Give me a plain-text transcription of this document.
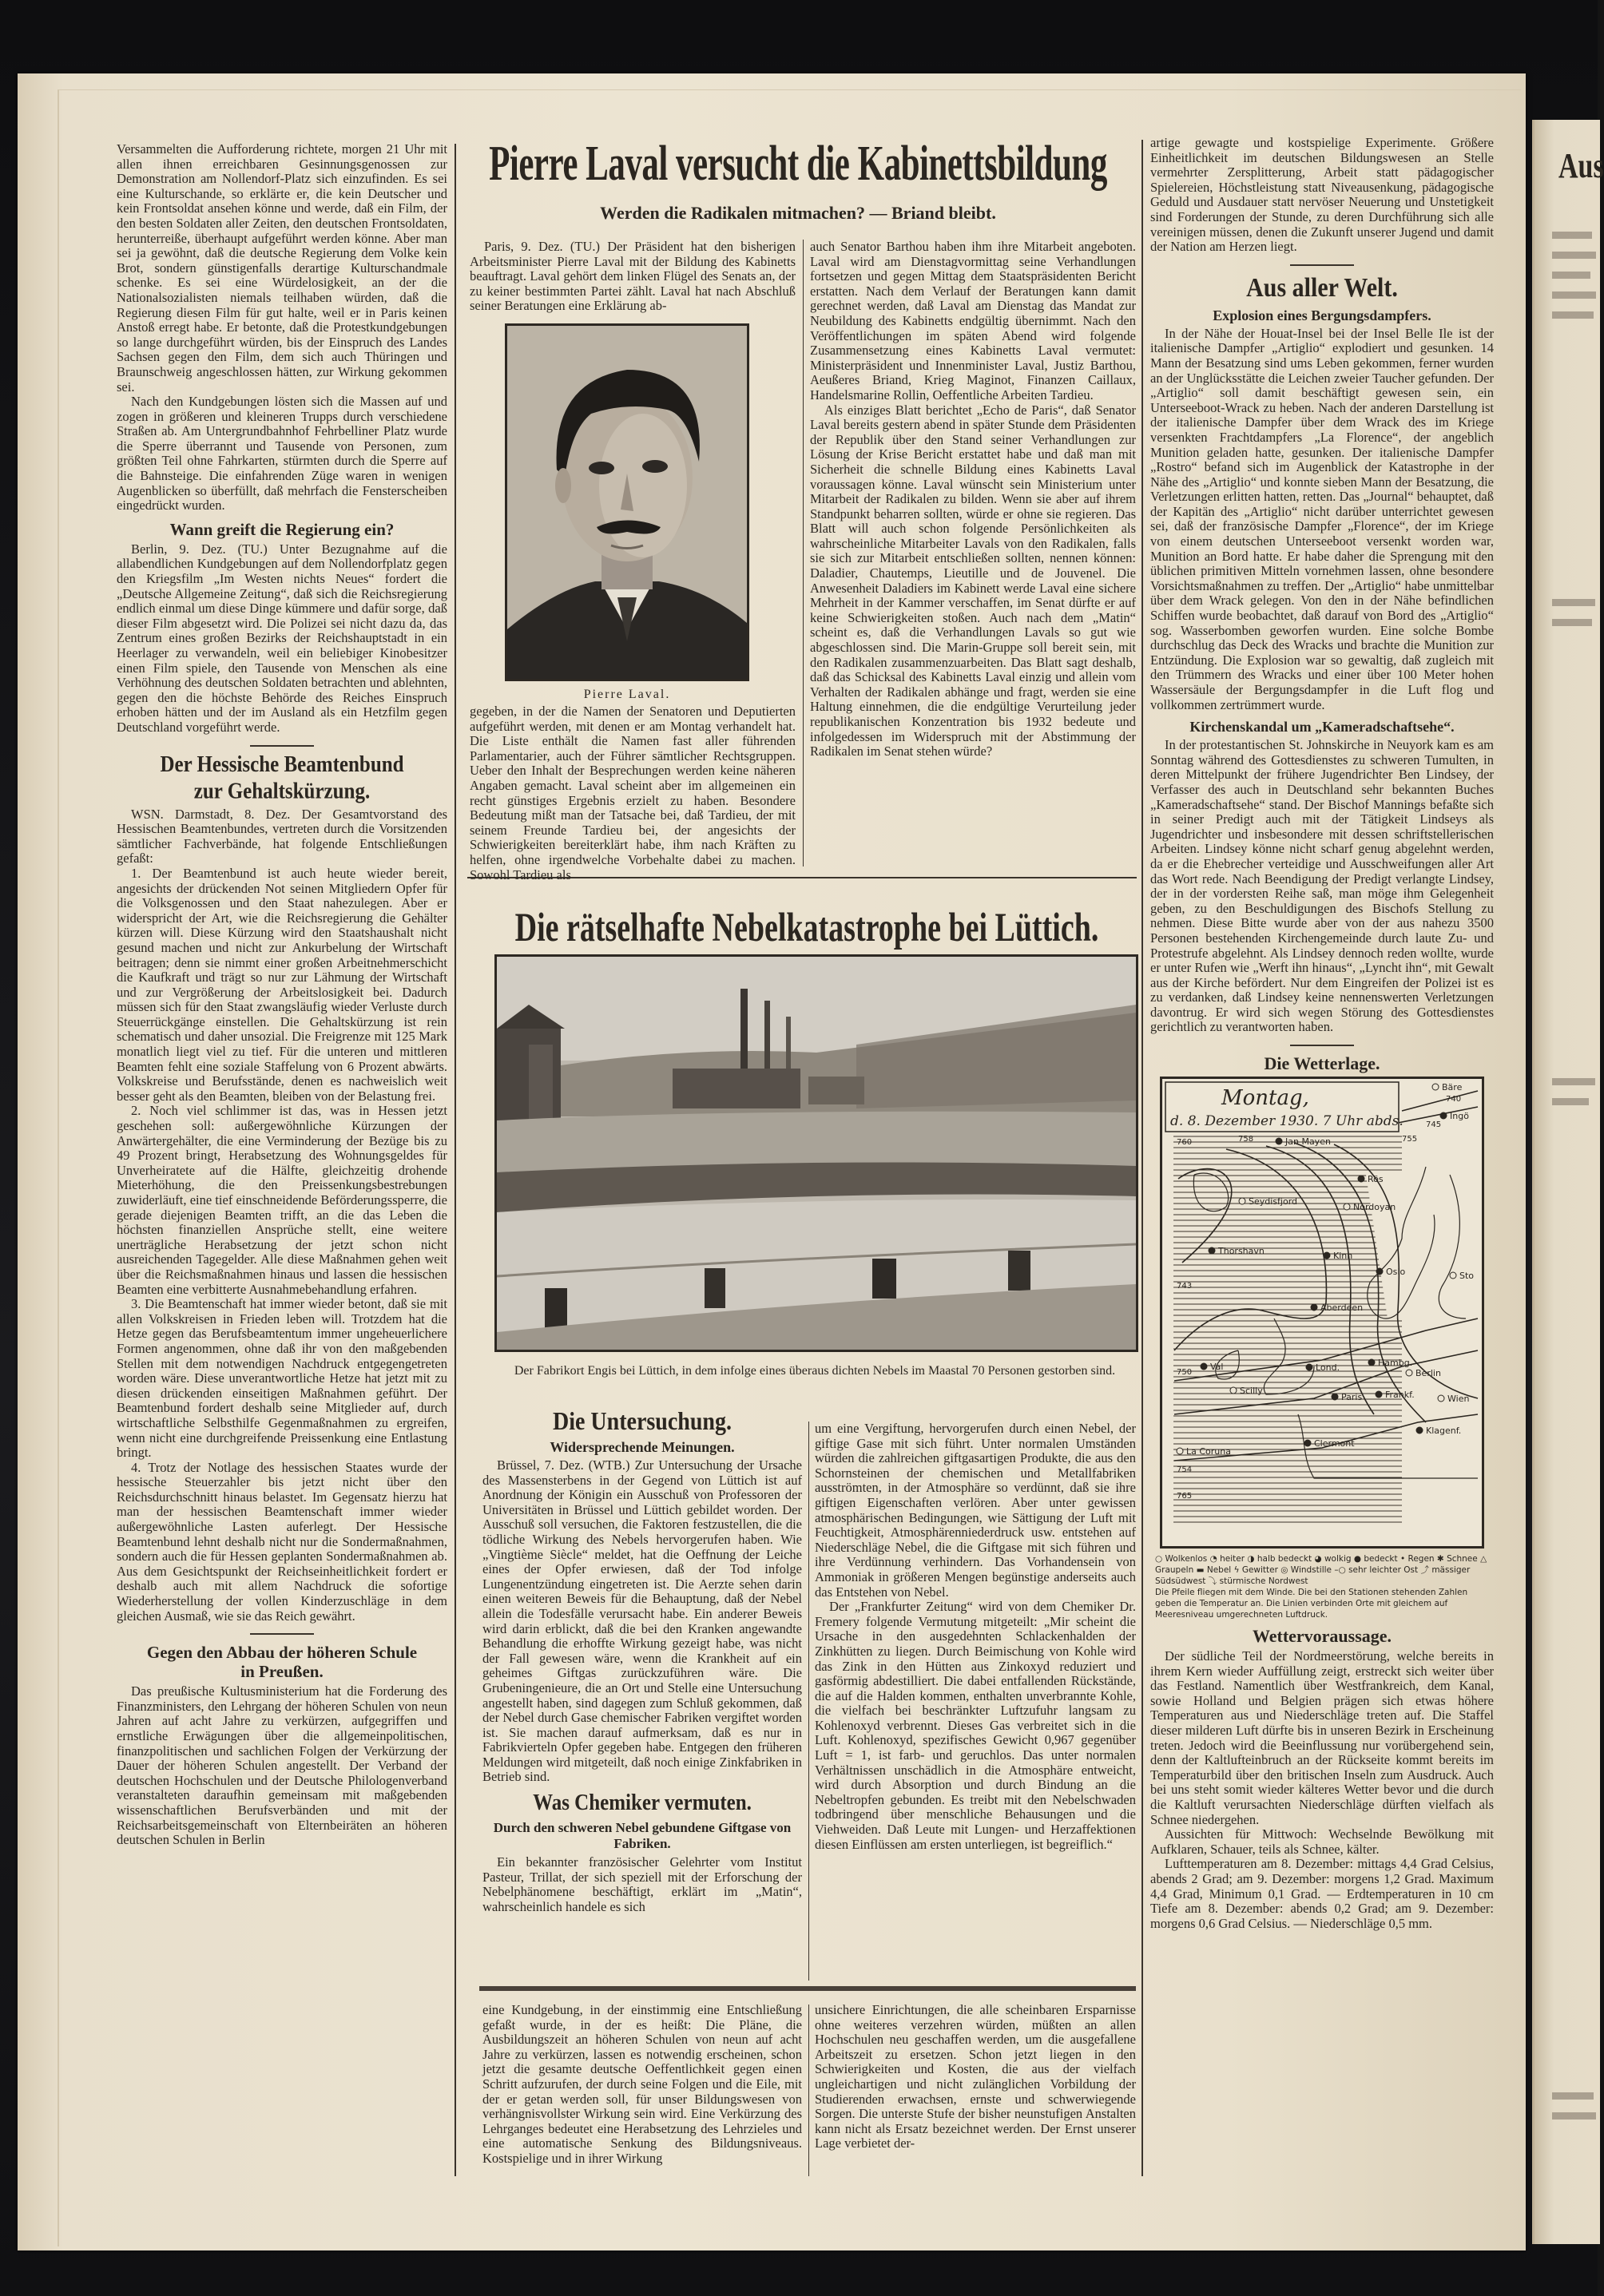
Aus

Versammelten die Aufforderung richtete, morgen 21 Uhr mit allen ihnen erreichbaren Gesinnungsgenossen zur Demonstration am Nollendorf-Platz sich einzufinden. Es sei eine Kulturschande, so erklärte er, die kein Deutscher und kein Frontsoldat ansehen könne und werde, daß ein Film, der den besten Soldaten aller Zeiten, den deutschen Frontsoldaten, herunterreiße, überhaupt aufgeführt werden könne. Aber man sei ja gewöhnt, daß die deutsche Regierung dem Volke kein Brot, sondern günstigenfalls derartige Kulturschandmale schenke. Es sei eine Würdelosigkeit, an der die Nationalsozialisten niemals teilhaben würden, daß die Regierung diesen Film für gut halte, weil er in Paris keinen Anstoß erregt habe. Er betonte, daß die Protestkundgebungen so lange durchgeführt würden, bis der Einspruch des Landes Sachsen gegen den Film, dem sich auch Thüringen und Braunschweig angeschlossen hätten, zur Wirkung gekommen sei.

Nach den Kundgebungen lösten sich die Massen auf und zogen in größeren und kleineren Trupps durch verschiedene Straßen ab. Am Untergrundbahnhof Fehrbelliner Platz wurde die Sperre überrannt und Tausende von Personen, zum größten Teil ohne Fahrkarten, stürmten durch die Sperre auf die Bahnsteige. Die einfahrenden Züge waren in wenigen Augenblicken so überfüllt, daß mehrfach die Fensterscheiben eingedrückt wurden.

Wann greift die Regierung ein?

Berlin, 9. Dez. (TU.) Unter Bezugnahme auf die allabendlichen Kundgebungen auf dem Nollendorfplatz gegen den Kriegsfilm „Im Westen nichts Neues“ fordert die „Deutsche Allgemeine Zeitung“, daß sich die Reichsregierung endlich einmal um diese Dinge kümmere und dafür sorge, daß dieser Film abgesetzt wird. Die Polizei sei nicht dazu da, das Zentrum eines großen Bezirks der Reichshauptstadt in ein Heerlager zu verwandeln, weil ein beliebiger Kinobesitzer einen Film spiele, den Tausende von Menschen als eine Verhöhnung des deutschen Soldaten betrachten und ablehnten, gegen den die höchste Behörde des Reiches Einspruch erhoben hätten und der im Ausland als ein Hetzfilm gegen Deutschland vorgeführt werde.

Der Hessische Beamtenbund
zur Gehaltskürzung.

WSN. Darmstadt, 8. Dez. Der Gesamtvorstand des Hessischen Beamtenbundes, vertreten durch die Vorsitzenden sämtlicher Fachverbände, hat folgende Entschließungen gefaßt:

1. Der Beamtenbund ist auch heute wieder bereit, angesichts der drückenden Not seinen Mitgliedern Opfer für die Volksgenossen und den Staat nahezulegen. Aber er widerspricht der Art, wie die Reichsregierung die Gehälter kürzen will. Diese Kürzung wird den Staatshaushalt nicht gesund machen und nicht zur Ankurbelung der Wirtschaft beitragen; denn sie nimmt einer großen Arbeitnehmerschicht die Kaufkraft und trägt so nur zur Lähmung der Wirtschaft und zur Vergrößerung der Arbeitslosigkeit bei. Dadurch müssen sich für den Staat zwangsläufig wieder Verluste durch Steuerrückgänge einstellen. Die Gehaltskürzung ist rein schematisch und daher unsozial. Die Freigrenze mit 125 Mark monatlich liegt viel zu tief. Für die unteren und mittleren Beamten fehlt eine soziale Staffelung von 6 Prozent abwärts. Volkskreise und Berufsstände, denen es nachweislich weit besser geht als den Beamten, bleiben von der Belastung frei.

2. Noch viel schlimmer ist das, was in Hessen jetzt geschehen soll: außergewöhnliche Kürzungen der Anwärtergehälter, die eine Verminderung der Bezüge bis zu 49 Prozent bringt, Herabsetzung des Wohnungsgeldes für Unverheiratete auf die Hälfte, gleichzeitig drohende Mieterhöhung, die den Preissenkungsbestrebungen zuwiderläuft, eine tief einschneidende Beförderungssperre, die gerade diejenigen Beamten trifft, an die das Leben die höchsten finanziellen Ansprüche stellt, eine weitere unerträgliche Herabsetzung der jetzt schon nicht ausreichenden Tagegelder. Alle diese Maßnahmen gehen weit über die Reichsmaßnahmen hinaus und lassen die hessischen Beamten eine verbitterte Ausnahmebehandlung erfahren.

3. Die Beamtenschaft hat immer wieder betont, daß sie mit allen Volkskreisen in Frieden leben will. Trotzdem hat die Hetze gegen das Berufsbeamtentum immer ungeheuerlichere Formen angenommen, ohne daß ihr von den maßgebenden Stellen mit dem notwendigen Nachdruck entgegengetreten worden wäre. Diese unverantwortliche Hetze hat jetzt mit zu diesen drückenden einseitigen Maßnahmen geführt. Der Beamtenbund fordert deshalb seine Mitglieder auf, durch wirtschaftliche Selbsthilfe Gegenmaßnahmen zu ergreifen, wenn nicht eine durchgreifende Preissenkung eine Entlastung bringt.

4. Trotz der Notlage des hessischen Staates wurde der hessische Steuerzahler bis jetzt nicht über den Reichsdurchschnitt hinaus belastet. Im Gegensatz hierzu hat man der hessischen Beamtenschaft immer wieder außergewöhnliche Lasten auferlegt. Der Hessische Beamtenbund lehnt deshalb nicht nur die Sondermaßnahmen, sondern auch die für Hessen geplanten Sondermaßnahmen ab. Aus dem Gesichtspunkt der Reichseinheitlichkeit fordert er deshalb auch mit allem Nachdruck die sofortige Wiederherstellung der vollen Kinderzuschläge in dem gleichen Ausmaß, wie sie das Reich gewährt.

Gegen den Abbau der höheren Schule
in Preußen.

Das preußische Kultusministerium hat die Forderung des Finanzministers, den Lehrgang der höheren Schulen von neun Jahren auf acht Jahre zu verkürzen, aufgegriffen und ernstliche Erwägungen über die allgemeinpolitischen, finanzpolitischen und sachlichen Folgen der Verkürzung der Dauer der höheren Schulen angestellt. Der Verband der deutschen Hochschulen und der Deutsche Philologenverband veranstalteten daraufhin gemeinsam mit maßgebenden wissenschaftlichen Berufsverbänden und mit der Reichsarbeitsgemeinschaft von Elternbeiräten an höheren deutschen Schulen in Berlin

Pierre Laval versucht die Kabinettsbildung
Werden die Radikalen mitmachen? — Briand bleibt.

Paris, 9. Dez. (TU.) Der Präsident hat den bisherigen Arbeitsminister Pierre Laval mit der Bildung des Kabinetts beauftragt. Laval gehört dem linken Flügel des Senats an, der zu keiner bestimmten Partei zählt. Laval hat nach Abschluß seiner Beratungen eine Erklärung ab-

Pierre Laval.

gegeben, in der die Namen der Senatoren und Deputierten aufgeführt werden, mit denen er am Montag verhandelt hat. Die Liste enthält die Namen fast aller führenden Parlamentarier, auch der Führer sämtlicher Rechtsgruppen. Ueber den Inhalt der Besprechungen werden keine näheren Angaben gemacht. Laval scheint aber im allgemeinen ein recht günstiges Ergebnis erzielt zu haben. Besondere Bedeutung mißt man der Tatsache bei, daß Tardieu, der mit seinem Freunde Tardieu bei, der angesichts der Schwierigkeiten bereiterklärt habe, ihm nach Kräften zu helfen, ohne irgendwelche Vorbehalte dabei zu machen. Sowohl Tardieu als

auch Senator Barthou haben ihm ihre Mitarbeit angeboten. Laval wird am Dienstagvormittag seine Verhandlungen fortsetzen und gegen Mittag dem Staatspräsidenten Bericht erstatten. Nach dem Verlauf der Beratungen kann damit gerechnet werden, daß Laval am Dienstag das Mandat zur Neubildung des Kabinetts endgültig übernimmt. Nach den Veröffentlichungen im späten Abend wird folgende Zusammensetzung eines Kabinetts Laval vermutet: Ministerpräsident und Innenminister Laval, Justiz Barthou, Aeußeres Briand, Krieg Maginot, Finanzen Caillaux, Handelsmarine Rollin, Oeffentliche Arbeiten Tardieu.

Als einziges Blatt berichtet „Echo de Paris“, daß Senator Laval bereits gestern abend in später Stunde dem Präsidenten der Republik über den Stand seiner Verhandlungen zur Lösung der Krise Bericht erstattet habe und daß man mit Sicherheit die schnelle Bildung eines Kabinetts Laval voraussagen könne. Laval wünscht sein Ministerium unter Mitarbeit der Radikalen zu bilden. Wenn sie aber auf ihrem Standpunkt beharren sollten, würde er ohne sie regieren. Das Blatt will auch schon folgende Persönlichkeiten als wahrscheinliche Mitarbeiter Lavals von den Radikalen, falls sie sich zur Mitarbeit entschließen sollten, nennen können: Daladier, Chautemps, Lieutille und de Jouvenel. Die Anwesenheit Daladiers im Kabinett werde Laval eine sichere Mehrheit in der Kammer verschaffen, im Senat dürfte er auf keine Schwierigkeiten stoßen. Auch nach dem „Matin“ scheint es, daß die Verhandlungen Lavals so gut wie abgeschlossen sind. Die Marin-Gruppe soll bereit sein, mit den Radikalen zusammenzuarbeiten. Das Blatt sagt deshalb, daß das Schicksal des Kabinetts Laval einzig und allein vom Verhalten der Radikalen abhänge und fragt, werden sie eine Haltung einnehmen, die die endgültige Verurteilung jeder republikanischen Konzentration bis 1932 bedeute und infolgedessen im Widerspruch mit der Abstimmung der Radikalen im Senat stehen würde?

Die rätselhafte Nebelkatastrophe bei Lüttich.
Der Fabrikort Engis bei Lüttich, in dem infolge eines überaus dichten Nebels im Maastal 70 Personen gestorben sind.
Die Untersuchung.
Widersprechende Meinungen.

Brüssel, 7. Dez. (WTB.) Zur Untersuchung der Ursache des Massensterbens in der Gegend von Lüttich ist auf Anordnung der Königin ein Ausschuß von Professoren der Universitäten in Brüssel und Lüttich gebildet worden. Der Ausschuß soll versuchen, die Faktoren festzustellen, die die tödliche Wirkung des Nebels hervorgerufen haben. Wie „Vingtième Siècle“ meldet, hat die Oeffnung der Leiche eines der Opfer erwiesen, daß der Tod infolge Lungenentzündung eingetreten ist. Die Aerzte sehen darin einen weiteren Beweis für die Behauptung, daß der Nebel allein die Todesfälle verursacht habe. Ein anderer Beweis wird darin erblickt, daß die bei den Kranken angewandte Behandlung die erhoffte Wirkung gezeigt habe, was nicht der Fall gewesen wäre, wenn die Krankheit auf ein geheimes Giftgas zurückzuführen wäre. Die Grubeningenieure, die an Ort und Stelle eine Untersuchung angestellt haben, sind dagegen zum Schluß gekommen, daß der Nebel durch Gase chemischer Fabriken vergiftet worden ist. Sie machen darauf aufmerksam, daß es nur in Fabrikvierteln Opfer gegeben habe. Entgegen den früheren Meldungen wird mitgeteilt, daß noch einige Zinkfabriken in Betrieb sind.

Was Chemiker vermuten.
Durch den schweren Nebel gebundene Giftgase von Fabriken.

Ein bekannter französischer Gelehrter vom Institut Pasteur, Trillat, der sich speziell mit der Erforschung der Nebelphänomene beschäftigt, erklärt im „Matin“, wahrscheinlich handele es sich

um eine Vergiftung, hervorgerufen durch einen Nebel, der giftige Gase mit sich führt. Unter normalen Umständen würden die zahlreichen giftgasartigen Produkte, die aus den Schornsteinen der chemischen und Metallfabriken ausströmten, in der Atmosphäre so verdünnt, daß sie ihre giftigen Eigenschaften verlören. Aber unter gewissen atmosphärischen Bedingungen, wie Sättigung der Luft mit Feuchtigkeit, Atmosphärenniederdruck usw. entstehen auf Niederschläge Nebel, die die Giftgase mit sich führen und ihre Verdünnung verhindern. Das Vorhandensein von Ammoniak in größeren Mengen begünstige anderseits auch das Entstehen von Nebel.

Der „Frankfurter Zeitung“ wird von dem Chemiker Dr. Fremery folgende Vermutung mitgeteilt: „Mir scheint die Ursache in den ausgedehnten Schlackenhalden der Zinkhütten zu liegen. Durch Beimischung von Kohle wird das Zink in den Hütten aus Zinkoxyd reduziert und gasförmig abdestilliert. Die dabei entfallenden Rückstände, die auf die Halden kommen, enthalten unverbrannte Kohle, die vielfach bei beschränkter Luftzufuhr langsam zu Kohlenoxyd verbrennt. Dieses Gas verbreitet sich in die Luft. Kohlenoxyd, spezifisches Gewicht 0,967 gegenüber Luft = 1, ist farb- und geruchlos. Das unter normalen Verhältnissen unschädlich in die Atmosphäre entweicht, wird durch Absorption und durch Bindung an die Nebeltropfen gebunden. Es treibt mit den Nebelschwaden todbringend über menschliche Behausungen und die Viehweiden. Daß Leute mit Lungen- und Herzaffektionen diesen Einflüssen am ersten unterliegen, ist begreiflich.“

eine Kundgebung, in der einstimmig eine Entschließung gefaßt wurde, in der es heißt: Die Pläne, die Ausbildungszeit an höheren Schulen von neun auf acht Jahre zu verkürzen, lassen es notwendig erscheinen, schon jetzt die gesamte deutsche Oeffentlichkeit gegen einen Schritt aufzurufen, der durch seine Folgen und die Eile, mit der er getan werden soll, für unser Bildungswesen von verhängnisvollster Wirkung sein wird. Eine Verkürzung des Lehrganges bedeutet eine Herabsetzung des Lehrzieles und eine automatische Senkung des Bildungsniveaus. Kostspielige und in ihrer Wirkung

unsichere Einrichtungen, die alle scheinbaren Ersparnisse ohne weiteres verzehren würden, müßten an allen Hochschulen neu geschaffen werden, um die ausgefallene Arbeitszeit zu ersetzen. Schon jetzt liegen in den Schwierigkeiten und Kosten, die aus der vielfach ungleichartigen und nicht zulänglichen Vorbildung der Studierenden erwachsen, ernste und schwerwiegende Sorgen. Die unterste Stufe der bisher neunstufigen Anstalten kann nicht als Ersatz bezeichnet werden. Der Ernst unserer Lage verbietet der-

artige gewagte und kostspielige Experimente. Größere Einheitlichkeit im deutschen Bildungswesen an Stelle vermehrter Zersplitterung, Arbeit statt pädagogischer Spielereien, Höchstleistung statt Niveausenkung, pädagogische Geduld und Ausdauer statt nervöser Neuerung und Unstetigkeit sind Forderungen der Stunde, zu deren Durchführung sich alle vereinigen müssen, denen die Zukunft unserer Jugend und damit der Nation am Herzen liegt.

Aus aller Welt.
Explosion eines Bergungsdampfers.

In der Nähe der Houat-Insel bei der Insel Belle Ile ist der italienische Dampfer „Artiglio“ explodiert und gesunken. 14 Mann der Besatzung sind ums Leben gekommen, ferner wurden an der Unglücksstätte die Leichen zweier Taucher gefunden. Der „Artiglio“ soll damit beschäftigt gewesen sein, ein Unterseeboot-Wrack zu heben. Nach der anderen Darstellung ist der italienische Dampfer über dem Wrack des im Kriege versenkten Frachtdampfers „La Florence“, der angeblich Munition geladen hatte, gesunken. Der italienische Dampfer „Rostro“ befand sich im Augenblick der Katastrophe in der Nähe des „Artiglio“ und konnte sieben Mann der Besatzung, die Verletzungen erlitten hatten, retten. Das „Journal“ behauptet, daß der Kapitän des „Artiglio“ nicht darüber unterrichtet gewesen sei, daß der französische Dampfer „Florence“, der im Kriege von einem deutschen Unterseeboot versenkt worden war, Munition an Bord hatte. Er habe daher die Sprengung mit den üblichen primitiven Mitteln vornehmen lassen, ohne besondere Vorsichtsmaßnahmen zu treffen. Der „Artiglio“ habe unmittelbar über dem Wrack gelegen. Von den in der Nähe befindlichen Schiffen wurde beobachtet, daß darauf von Bord des „Artiglio“ sog. Wasserbomben geworfen wurden. Eine solche Bombe durchschlug das Deck des Wracks und brachte die Munition zur Entzündung. Die Explosion war so gewaltig, daß zugleich mit den Trümmern des Wracks und einer über 100 Meter hohen Wassersäule der Bergungsdampfer in die Luft flog und vollkommen zertrümmert wurde.

Kirchenskandal um „Kameradschaftsehe“.

In der protestantischen St. Johnskirche in Neuyork kam es am Sonntag während des Gottesdienstes zu schweren Tumulten, in deren Mittelpunkt der frühere Jugendrichter Ben Lindsey, der Verfasser des auch in Deutschland sehr bekannten Buches „Kameradschaftsehe“ stand. Der Bischof Mannings befaßte sich in seiner Predigt auch mit der Tätigkeit Lindseys als Jugendrichter und insbesondere mit dessen schriftstellerischen Arbeiten. Lindsey könne nicht scharf genug abgelehnt werden, da er die Ehebrecher verteidige und Ausschweifungen aller Art das Wort rede. Nach Beendigung der Predigt verlangte Lindsey, der in der vordersten Reihe saß, man möge ihm Gelegenheit geben, zu den Beschuldigungen des Bischofs Stellung zu nehmen. Diese Bitte wurde aber von der aus nahezu 3500 Personen bestehenden Kirchengemeinde durch laute Zu- und Protestrufe abgelehnt. Als Lindsey dennoch reden wollte, wurde er unter Rufen wie „Werft ihn hinaus“, „Lyncht ihn“, mit Gewalt aus der Kirche befördert. Nur dem Eingreifen der Polizei ist es zu verdanken, daß Lindsey keine nennenswerten Verletzungen davontrug. Er wird sich wegen Störung des Gottesdienstes gerichtlich zu verantworten haben.

Die Wetterlage.
Montag,
d. 8. Dezember 1930. 7 Uhr abds.
Bäre
Ingö
Jan Mayen
Seydisfjord
Thorshavn
Rös
Nordoyan
Kinn
Oslo	Sto
Aberdeen
Val
Scilly
Lond.	Hambg.
Berlin
Paris	Frankf.	Wien
Klagenf.
Clermont
La Coruna
740
745
750
754
755
758
760
743
765
○ Wolkenlos ◔ heiter ◑ halb bedeckt ◕ wolkig ● bedeckt • Regen ✱ Schnee △ Graupeln ▬ Nebel ϟ Gewitter ◎ Windstille –○ sehr leichter Ost ⤴ mässiger Südsüdwest ⤵ stürmische Nordwest
Die Pfeile fliegen mit dem Winde. Die bei den Stationen stehenden Zahlen geben die Temperatur an. Die Linien verbinden Orte mit gleichem auf Meeresniveau umgerechneten Luftdruck.
Wettervoraussage.

Der südliche Teil der Nordmeerstörung, welche bereits in ihrem Kern wieder Auffüllung zeigt, erstreckt sich weiter über das Festland. Namentlich über Westfrankreich, dem Kanal, sowie Holland und Belgien prägen sich etwas höhere Temperaturen aus und Niederschläge treten auf. Die Staffel dieser milderen Luft dürfte bis in unseren Bezirk in Erscheinung treten. Jedoch wird die Beeinflussung nur vorübergehend sein, denn der Kaltlufteinbruch an der Rückseite kommt bereits im Temperaturbild über den britischen Inseln zum Ausdruck. Auch bei uns steht somit wieder kälteres Wetter bevor und die durch die Kaltluft verursachten Niederschläge dürften vielfach als Schnee niedergehen.

Aussichten für Mittwoch: Wechselnde Bewölkung mit Aufklaren, Schauer, teils als Schnee, kälter.

Lufttemperaturen am 8. Dezember: mittags 4,4 Grad Celsius, abends 2 Grad; am 9. Dezember: morgens 1,2 Grad. Maximum 4,4 Grad, Minimum 0,1 Grad. — Erdtemperaturen in 10 cm Tiefe am 8. Dezember: abends 0,2 Grad; am 9. Dezember: morgens 0,6 Grad Celsius. — Niederschläge 0,5 mm.
